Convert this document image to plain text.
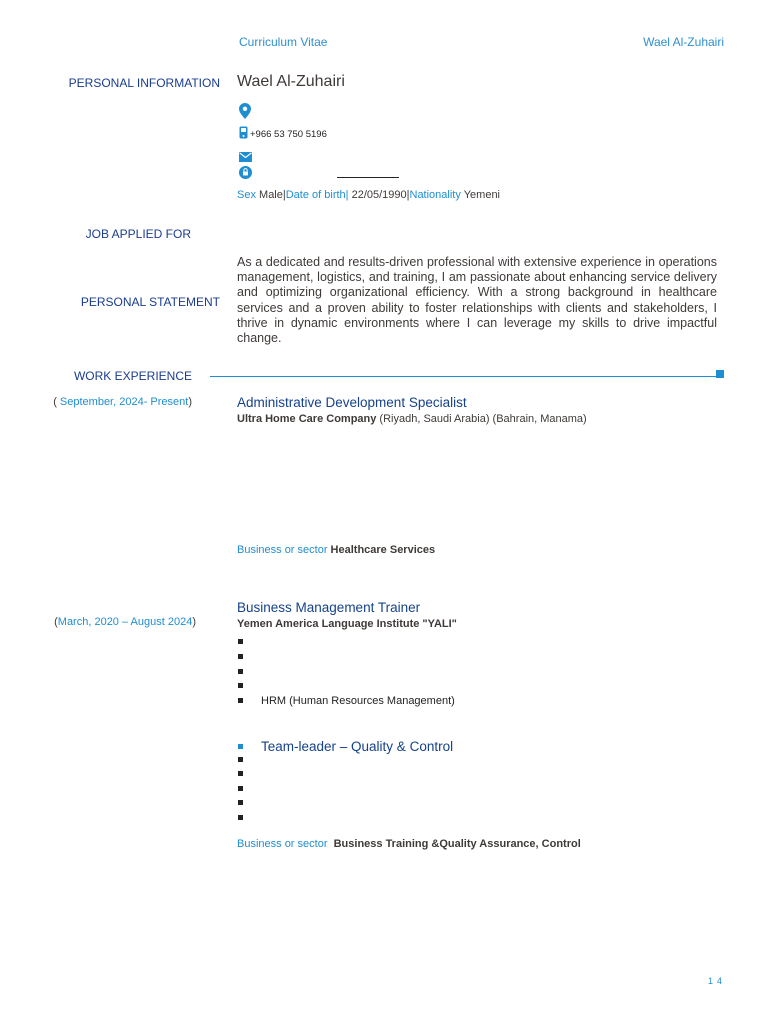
Curriculum Vitae	Wael Al-Zuhairi
PERSONAL INFORMATION Wael Al-Zuhairi
+966 53 750 5196
Sex Male|Date of birth| 22/05/1990|Nationality Yemeni
JOB APPLIED FOR
PERSONAL STATEMENT
As a dedicated and results-driven professional with extensive experience in operations management, logistics, and training, I am passionate about enhancing service delivery and optimizing organizational efficiency. With a strong background in healthcare services and a proven ability to foster relationships with clients and stakeholders, I thrive in dynamic environments where I can leverage my skills to drive impactful change.
WORK EXPERIENCE
( September, 2024- Present)	Administrative Development Specialist
Ultra Home Care Company (Riyadh, Saudi Arabia) (Bahrain, Manama)
Business or sector Healthcare Services
(March, 2020 – August 2024)
Business Management Trainer
Yemen America Language Institute "YALI"
HRM (Human Resources Management)
Team-leader – Quality & Control
Business or sector Business Training &Quality Assurance, Control
14
